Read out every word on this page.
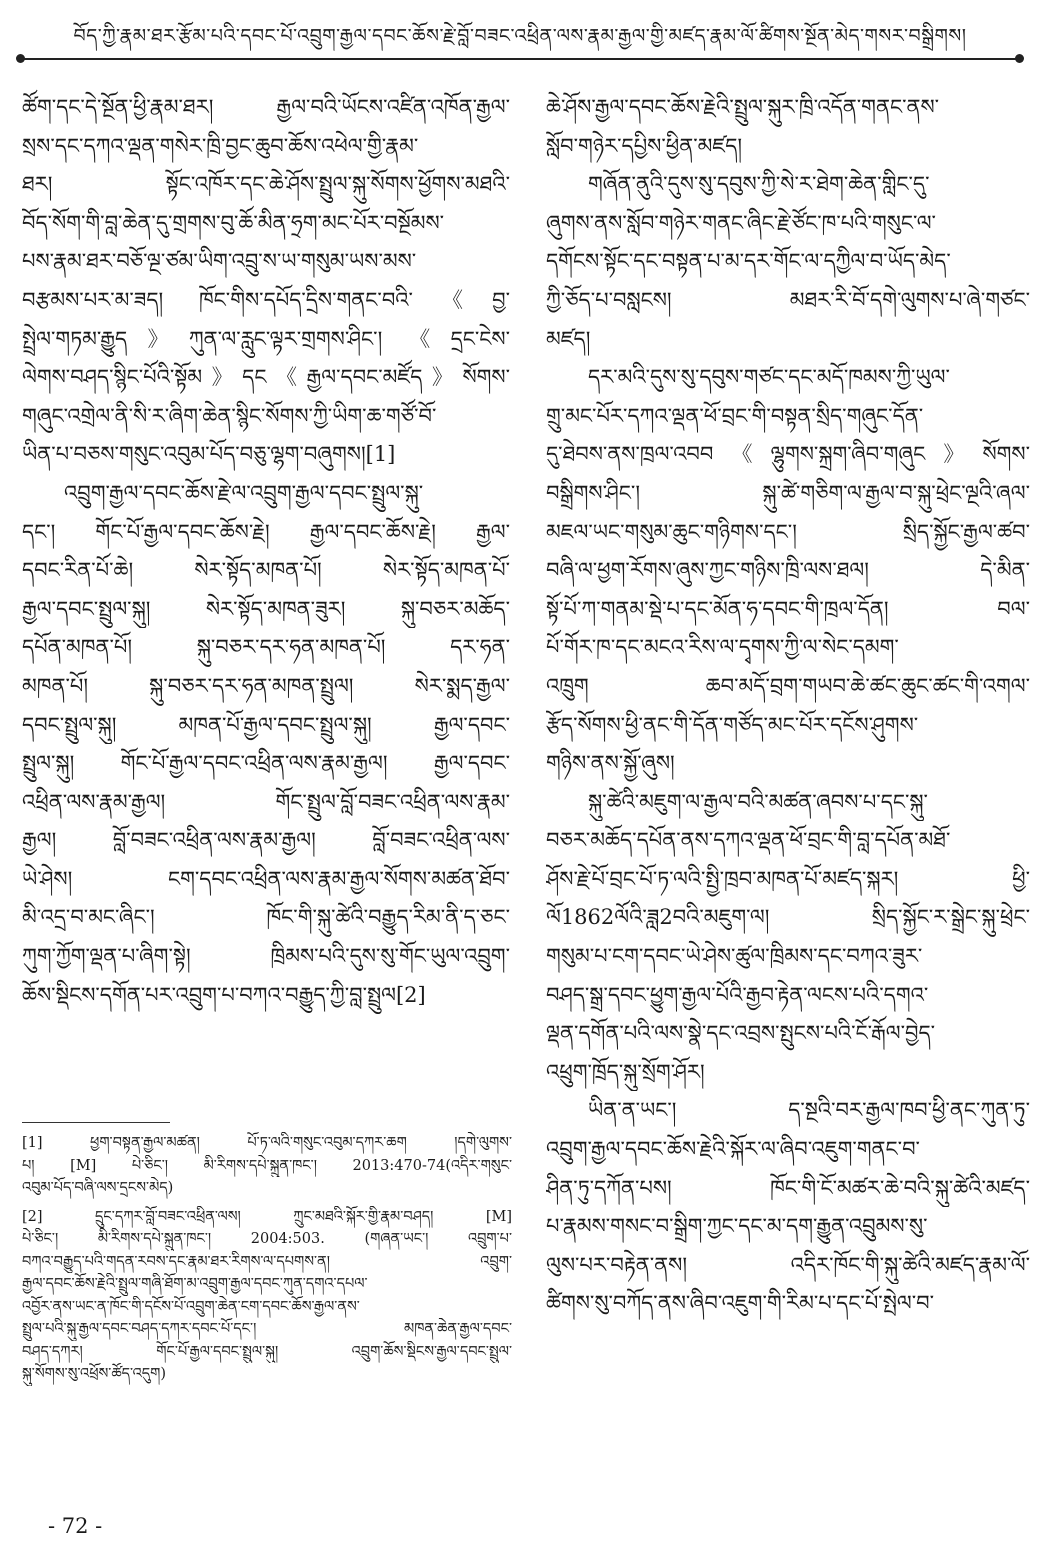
བོད་ཀྱི་རྣམ་ཐར་རྩོམ་པའི་དབང་པོ་འབྲུག་རྒྱལ་དབང་ཆོས་རྗེ་བློ་བཟང་འཕྲིན་ལས་རྣམ་རྒྱལ་གྱི་མཛད་རྣམ་ལོ་ཚིགས་སྔོན་མེད་གསར་བསྒྲིགས།
ཚོག་དང་དེ་སྔོན་ཕྱི་རྣམ་ཐར། རྒྱལ་བའི་ཡོངས་འཛིན་འཁོན་རྒྱལ་
སྲས་དང་དཀའ་ལྡན་གསེར་ཁྲི་བྱང་ཆུབ་ཆོས་འཕེལ་གྱི་རྣམ་
ཐར། སྟོང་འཁོར་དང་ཆེ་ཤོས་སྤྲུལ་སྐུ་སོགས་ཕྱོགས་མཐའི་
བོད་སོག་གི་བླ་ཆེན་དུ་གྲགས་བུ་ཆོ་མིན་ཧྲག་མང་པོར་བསྔོམས་
པས་རྣམ་ཐར་བཅོ་ལྔ་ཙམ་ཡིག་འབྲུ་ས་ཡ་གསུམ་ཡས་མས་
བརྩམས་པར་མ་ཟད། ཁོང་གིས་དཔོད་དྲིས་གནང་བའི་《བྱ་
སྤྲེལ་གཏམ་རྒྱུད》ཀུན་ལ་རླུང་ལྟར་གྲགས་ཤིང་། 《དྲང་ངེས་
ལེགས་བཤད་སྙིང་པོའི་སྟོམ》དང《རྒྱལ་དབང་མཛོད》སོགས་
གཞུང་འགྲེལ་ནི་སི་ར་ཞིག་ཆེན་སྙིང་སོགས་ཀྱི་ཡིག་ཆ་གཙོ་བོ་
ཡིན་པ་བཅས་གསུང་འབུམ་པོད་བཅུ་ལྷག་བཞུགས།[1]
འབྲུག་རྒྱལ་དབང་ཆོས་རྗེ་ལ་འབྲུག་རྒྱལ་དབང་སྤྲུལ་སྐུ་
དང་། གོང་པོ་རྒྱལ་དབང་ཆོས་རྗེ། རྒྱལ་དབང་ཆོས་རྗེ། རྒྱལ་
དབང་རིན་པོ་ཆེ། སེར་སྟོད་མཁན་པོ། སེར་སྟོད་མཁན་པོ་
རྒྱལ་དབང་སྤྲུལ་སྐུ། སེར་སྟོད་མཁན་ཟུར། སྐུ་བཅར་མཆོད་
དཔོན་མཁན་པོ། སྐུ་བཅར་དར་ཧན་མཁན་པོ། དར་ཧན་
མཁན་པོ། སྐུ་བཅར་དར་ཧན་མཁན་སྤྲུལ། སེར་སྨད་རྒྱལ་
དབང་སྤྲུལ་སྐུ། མཁན་པོ་རྒྱལ་དབང་སྤྲུལ་སྐུ། རྒྱལ་དབང་
སྤྲུལ་སྐུ། གོང་པོ་རྒྱལ་དབང་འཕྲིན་ལས་རྣམ་རྒྱལ། རྒྱལ་དབང་
འཕྲིན་ལས་རྣམ་རྒྱལ། གོང་སྤྲུལ་བློ་བཟང་འཕྲིན་ལས་རྣམ་
རྒྱལ། བློ་བཟང་འཕྲིན་ལས་རྣམ་རྒྱལ། བློ་བཟང་འཕྲིན་ལས་
ཡེ་ཤེས། ངག་དབང་འཕྲིན་ལས་རྣམ་རྒྱལ་སོགས་མཚན་ཐོབ་
མི་འདྲ་བ་མང་ཞིང་། ཁོང་གི་སྐུ་ཚེའི་བརྒྱུད་རིམ་ནི་ད་ཅང་
ཀུག་ཀྱོག་ལྡན་པ་ཞིག་སྟེ། ཁྲིམས་པའི་དུས་སུ་གོང་ཡུལ་འབྲུག་
ཆོས་སྡིངས་དགོན་པར་འབྲུག་པ་བཀའ་བརྒྱུད་ཀྱི་བླ་སྤྲུལ[2]
ཆེ་ཤོས་རྒྱལ་དབང་ཆོས་རྗེའི་སྤྲུལ་སྐུར་ཁྲི་འདོན་གནང་ནས་
སློབ་གཉེར་དཔྱིས་ཕྱིན་མཛད།
གཞོན་ནུའི་དུས་སུ་དབུས་ཀྱི་སེ་ར་ཐེག་ཆེན་གླིང་དུ་
ཞུགས་ནས་སློབ་གཉེར་གནང་ཞིང་རྗེ་ཙོང་ཁ་པའི་གསུང་ལ་
དགོངས་སྟོང་དང་བསྟན་པ་མ་དར་གོང་ལ་དཀྱིལ་བ་ཡོད་མེད་
ཀྱི་ཅོད་པ་བསླངས། མཐར་རི་བོ་དགེ་ལུགས་པ་ཞེ་གཙང་
མཛད།
དར་མའི་དུས་སུ་དབུས་གཙང་དང་མདོ་ཁམས་ཀྱི་ཡུལ་
གྲུ་མང་པོར་དཀའ་ལྡན་ཕོ་བྲང་གི་བསྟན་སྲིད་གཞུང་དོན་
དུ་ཐེབས་ནས་ཁྲལ་འབབ《ལྷུགས་སྐྲག་ཞིབ་གཞུང》སོགས་
བསྒྲིགས་ཤིང་། སྐུ་ཚེ་གཅིག་ལ་རྒྱལ་བ་སྐུ་ཕྲེང་ལྔའི་ཞལ་
མཇལ་ཡང་གསུམ་ཆུང་གཉིགས་དང་། སྲིད་སྐྱོང་རྒྱལ་ཚབ་
བཞི་ལ་ཕྱག་རོགས་ཞུས་ཀྱང་གཉིས་ཁྲི་ལས་ཐལ། དེ་མིན་
སྟོ་པོ་ཀ་གནམ་སྡེ་པ་དང་མོན་ཧ་དབང་གི་ཁྲལ་དོན། བལ་
པོ་གོར་ཁ་དང་མངའ་རིས་ལ་དྭགས་ཀྱི་ལ་སེང་དམག་
འཁྲུག ཆབ་མདོ་བྲག་གཡབ་ཆེ་ཚང་ཆུང་ཚང་གི་འགལ་
རྩོད་སོགས་ཕྱི་ནང་གི་དོན་གཙོད་མང་པོར་དངོས་ཤུགས་
གཉིས་ནས་སྐྱོ་ཞུས།
སྐུ་ཚེའི་མཇུག་ལ་རྒྱལ་བའི་མཚན་ཞབས་པ་དང་སྐུ་
བཅར་མཆོད་དཔོན་ནས་དཀའ་ལྡན་ཕོ་བྲང་གི་བླ་དཔོན་མཐོ་
ཤོས་རྗེ་པོ་བྲང་པོ་ཏ་ལའི་སྤྱི་ཁྲབ་མཁན་པོ་མཛད་སྐར། ཕྱི་
ལོ1862ལོའི་ཟླ2བའི་མཇུག་ལ། སྲིད་སྐྱོང་ར་སྒྲེང་སྐུ་ཕྲེང་
གསུམ་པ་ངག་དབང་ཡེ་ཤེས་ཚུལ་ཁྲིམས་དང་བཀའ་ཟུར་
བཤད་སྒྲ་དབང་ཕྱུག་རྒྱལ་པོའི་རྒྱབ་རྟེན་ལངས་པའི་དགའ་
ལྡན་དགོན་པའི་ལས་སྣེ་དང་འབྲས་སྤུངས་པའི་ངོ་རྒོལ་བྱེད་
འཕྲུག་ཁྲོད་སྐུ་སྲོག་ཤོར།
ཡིན་ན་ཡང་། ད་སྔའི་བར་རྒྱལ་ཁབ་ཕྱི་ནང་ཀུན་ཏུ་
འབྲུག་རྒྱལ་དབང་ཆོས་རྗེའི་སྐོར་ལ་ཞིབ་འཇུག་གནང་བ་
ཤིན་ཏུ་དཀོན་པས། ཁོང་གི་ངོ་མཚར་ཆེ་བའི་སྐུ་ཚེའི་མཛད་
པ་རྣམས་གསང་བ་སྒྲིག་ཀྱང་དང་མ་དག་རྒྱུན་འབྲུམས་སུ་
ལུས་པར་བརྟེན་ནས། འདིར་ཁོང་གི་སྐུ་ཚེའི་མཛད་རྣམ་ལོ་
ཚིགས་སུ་བཀོད་ནས་ཞིབ་འཇུག་གི་རིམ་པ་དང་པོ་སྤེལ་བ་
[1] ཕྱག་བསྟན་རྒྱལ་མཚན། པོ་ཏ་ལའི་གསུང་འབུམ་དཀར་ཆག །དགེ་ལུགས་
པ། [M] པེ་ཅིང་། མི་རིགས་དཔེ་སྐྲུན་ཁང་། 2013:470-74(འདིར་གསུང་
འབུམ་པོད་བཞི་ལས་དྲངས་མེད)
[2] དྲུང་དཀར་བློ་བཟང་འཕྲིན་ལས། ཀྲུང་མཐའི་སྐོར་གྱི་རྣམ་བཤད། [M]
པེ་ཅིང་། མི་རིགས་དཔེ་སྐྲུན་ཁང་། 2004:503. (གཞན་ཡང་། འབྲུག་པ་
བཀའ་བརྒྱུད་པའི་གདན་རབས་དང་རྣམ་ཐར་རིགས་ལ་དཔགས་ན། འབྲུག་
རྒྱལ་དབང་ཆོས་རྗེའི་སྤྲུལ་གཞི་ཐོག་མ་འབྲུག་རྒྱལ་དབང་ཀུན་དགའ་དཔལ་
འབྱོར་ནས་ཡང་ན་ཁོང་གི་དངོས་པོ་འབྲུག་ཆེན་ངག་དབང་ཆོས་རྒྱལ་ནས་
སྤྲུལ་པའི་སྐུ་རྒྱལ་དབང་བཤད་དཀར་དབང་པོ་དང་། མཁན་ཆེན་རྒྱལ་དབང་
བཤད་དཀར། གོང་པོ་རྒྱལ་དབང་སྤྲུལ་སྐུ། འབྲུག་ཆོས་སྡིངས་རྒྱལ་དབང་སྤྲུལ་
སྐུ་སོགས་སུ་འཕྲོས་ཚོད་འདུག)
- 72 -
